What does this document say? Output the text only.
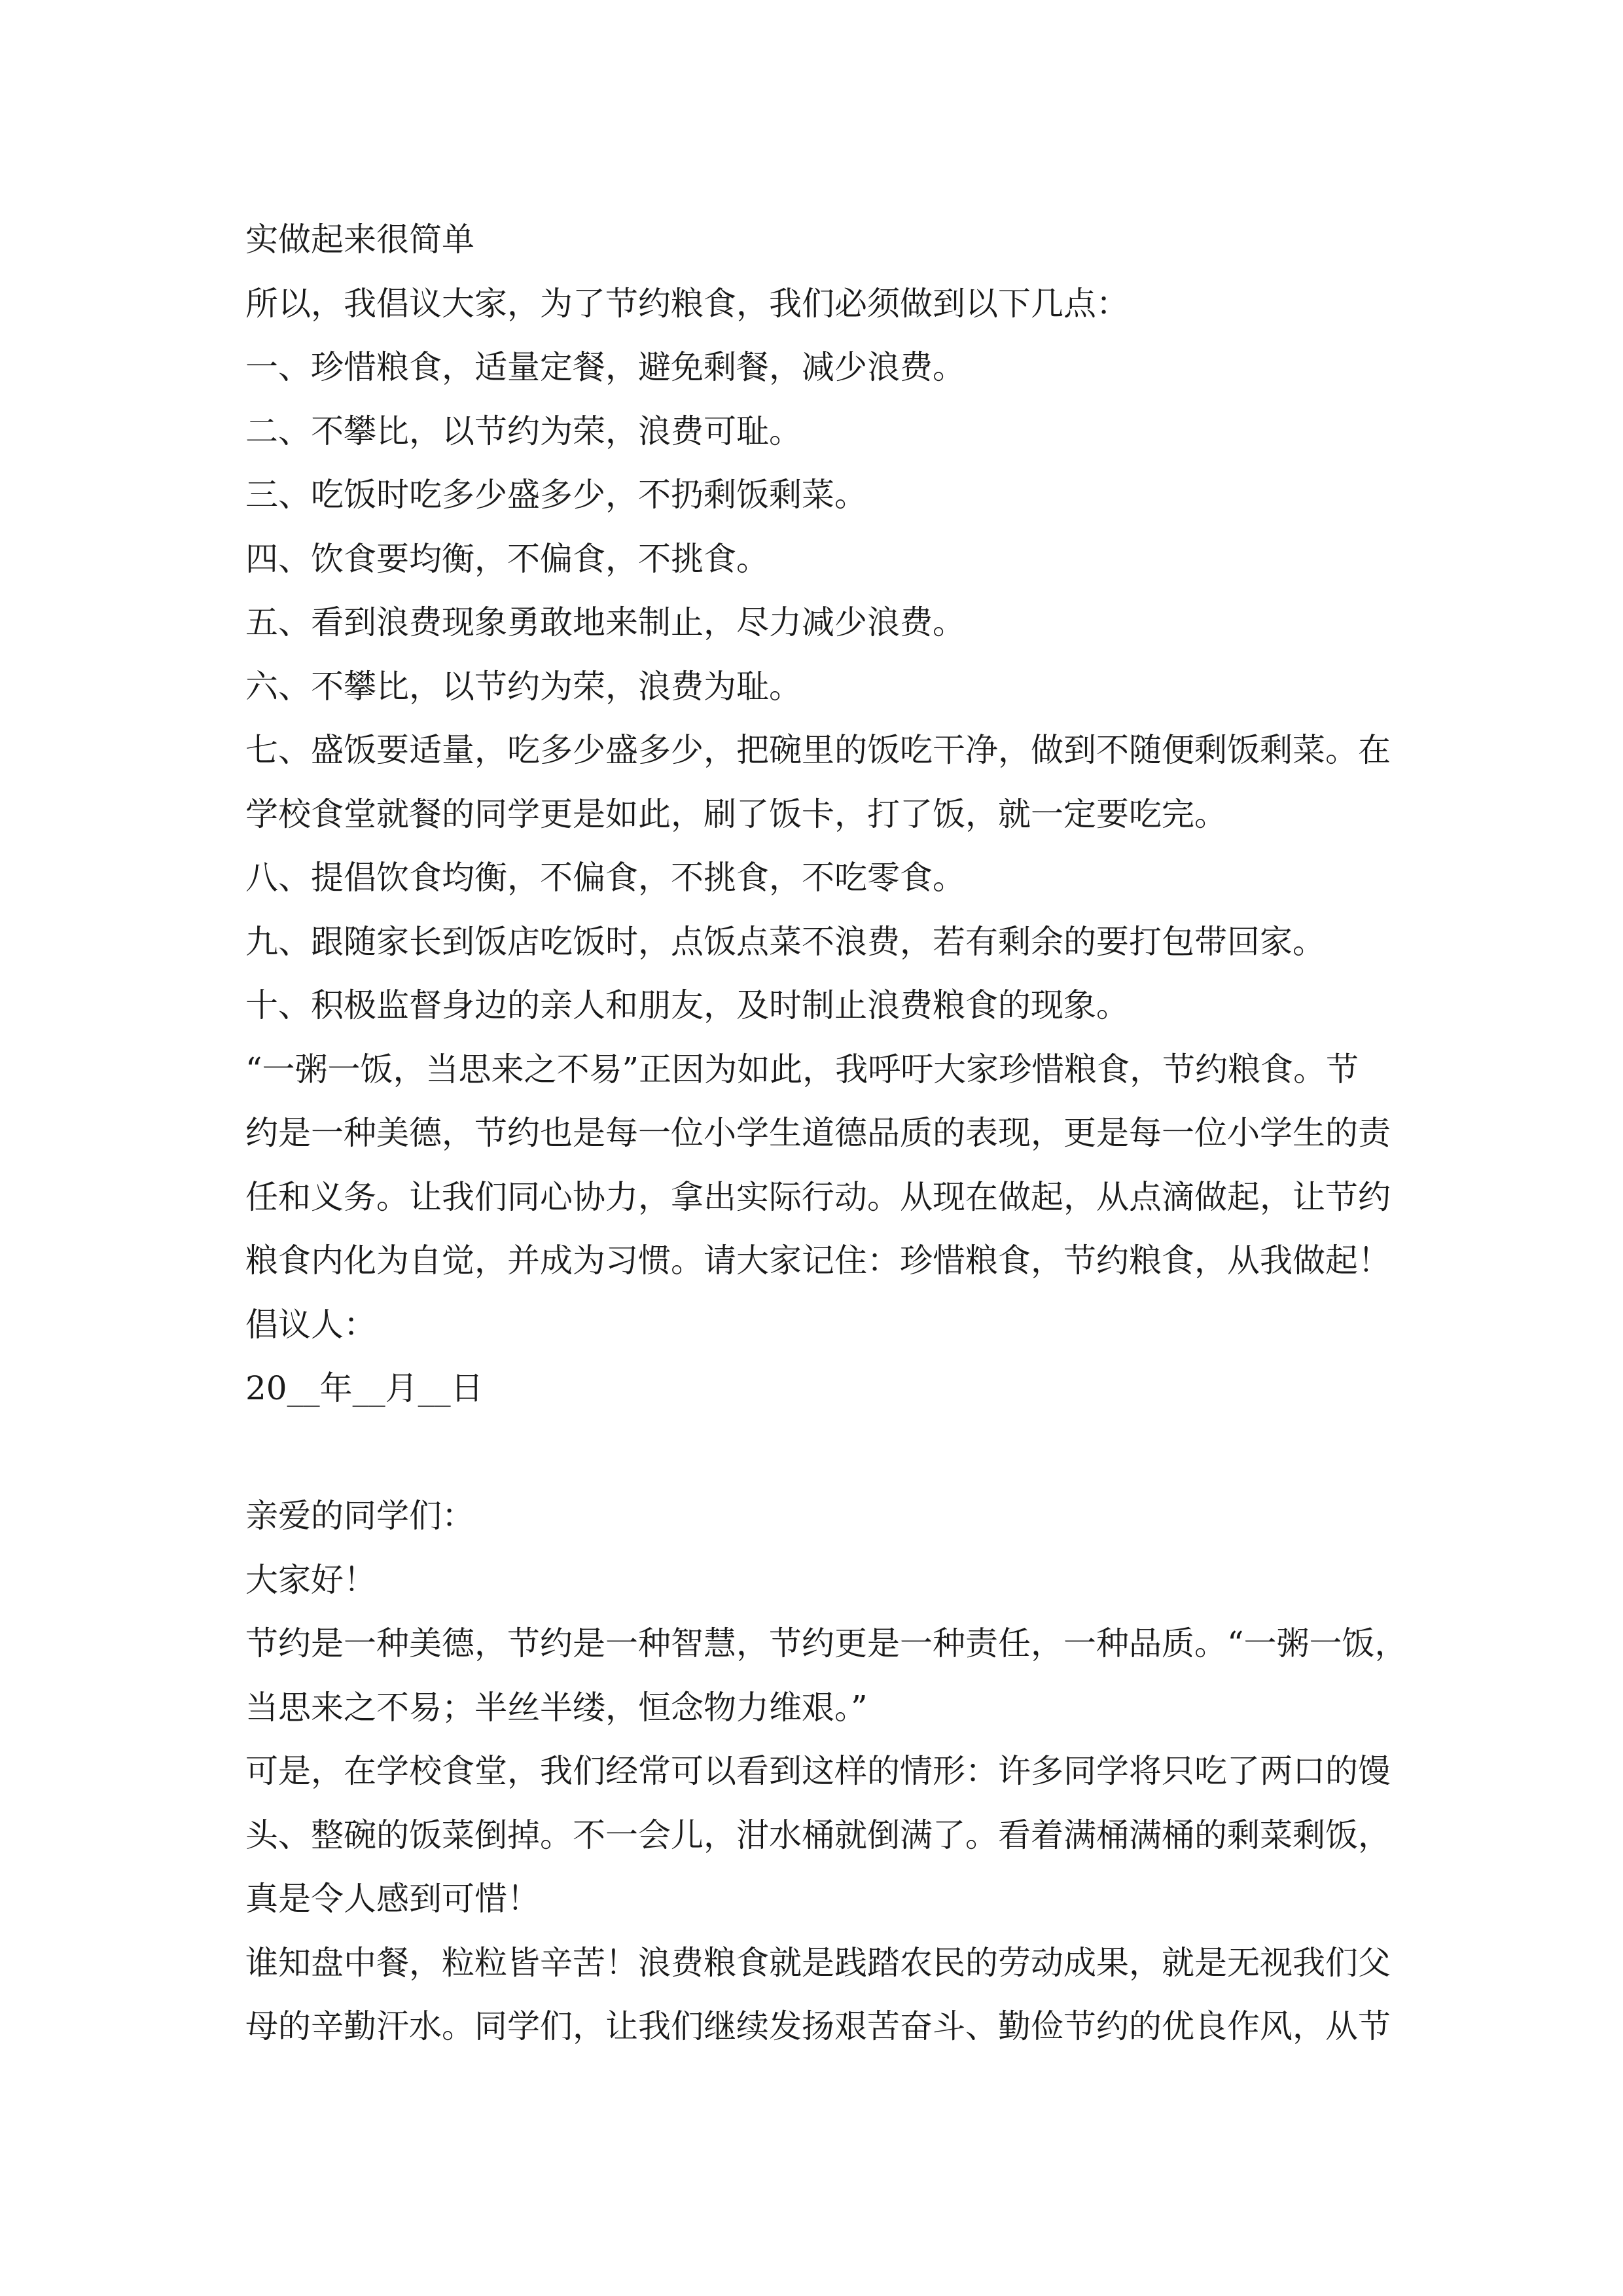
实做起来很简单
所以，我倡议大家，为了节约粮食，我们必须做到以下几点：
一、珍惜粮食，适量定餐，避免剩餐，减少浪费。
二、不攀比，以节约为荣，浪费可耻。
三、吃饭时吃多少盛多少，不扔剩饭剩菜。
四、饮食要均衡，不偏食，不挑食。
五、看到浪费现象勇敢地来制止，尽力减少浪费。
六、不攀比，以节约为荣，浪费为耻。
七、盛饭要适量，吃多少盛多少，把碗里的饭吃干净，做到不随便剩饭剩菜。在
学校食堂就餐的同学更是如此，刷了饭卡，打了饭，就一定要吃完。
八、提倡饮食均衡，不偏食，不挑食，不吃零食。
九、跟随家长到饭店吃饭时，点饭点菜不浪费，若有剩余的要打包带回家。
十、积极监督身边的亲人和朋友，及时制止浪费粮食的现象。
“一粥一饭，当思来之不易”正因为如此，我呼吁大家珍惜粮食，节约粮食。节
约是一种美德，节约也是每一位小学生道德品质的表现，更是每一位小学生的责
任和义务。让我们同心协力，拿出实际行动。从现在做起，从点滴做起，让节约
粮食内化为自觉，并成为习惯。请大家记住：珍惜粮食，节约粮食，从我做起！
倡议人：
20__年__月__日
亲爱的同学们：
大家好！
节约是一种美德，节约是一种智慧，节约更是一种责任，一种品质。“一粥一饭，
当思来之不易；半丝半缕，恒念物力维艰。”
可是，在学校食堂，我们经常可以看到这样的情形：许多同学将只吃了两口的馒
头、整碗的饭菜倒掉。不一会儿，泔水桶就倒满了。看着满桶满桶的剩菜剩饭，
真是令人感到可惜！
谁知盘中餐，粒粒皆辛苦！浪费粮食就是践踏农民的劳动成果，就是无视我们父
母的辛勤汗水。同学们，让我们继续发扬艰苦奋斗、勤俭节约的优良作风，从节
